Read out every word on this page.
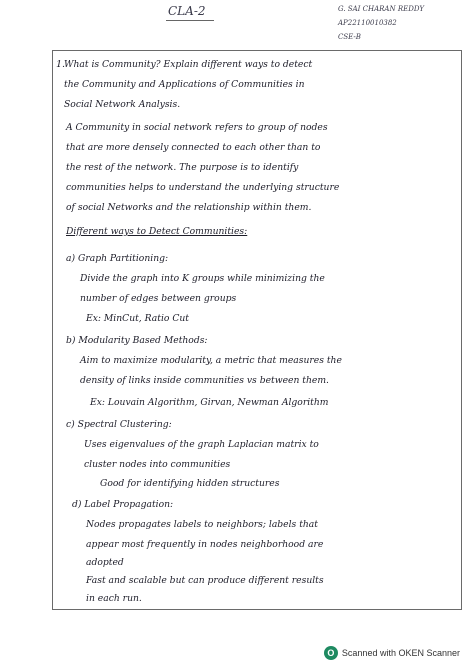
CLA-2	G. SAI CHARAN REDDY
AP22110010382
CSE-B
1.
What is Community? Explain different ways to detect
the Community and Applications of Communities in
Social Network Analysis.
A Community in social network refers to group of nodes
that are more densely connected to each other than to
the rest of the network. The purpose is to identify
communities helps to understand the underlying structure
of social Networks and the relationship within them.
Different ways to Detect Communities:
a) Graph Partitioning:
Divide the graph into K groups while minimizing the
number of edges between groups
Ex: MinCut, Ratio Cut
b) Modularity Based Methods:
Aim to maximize modularity, a metric that measures the
density of links inside communities vs between them.
Ex: Louvain Algorithm, Girvan, Newman Algorithm
c) Spectral Clustering:
Uses eigenvalues of the graph Laplacian matrix to
cluster nodes into communities
Good for identifying hidden structures
d) Label Propagation:
Nodes propagates labels to neighbors; labels that
appear most frequently in nodes neighborhood are
adopted
Fast and scalable but can produce different results
in each run.
O Scanned with OKEN Scanner
